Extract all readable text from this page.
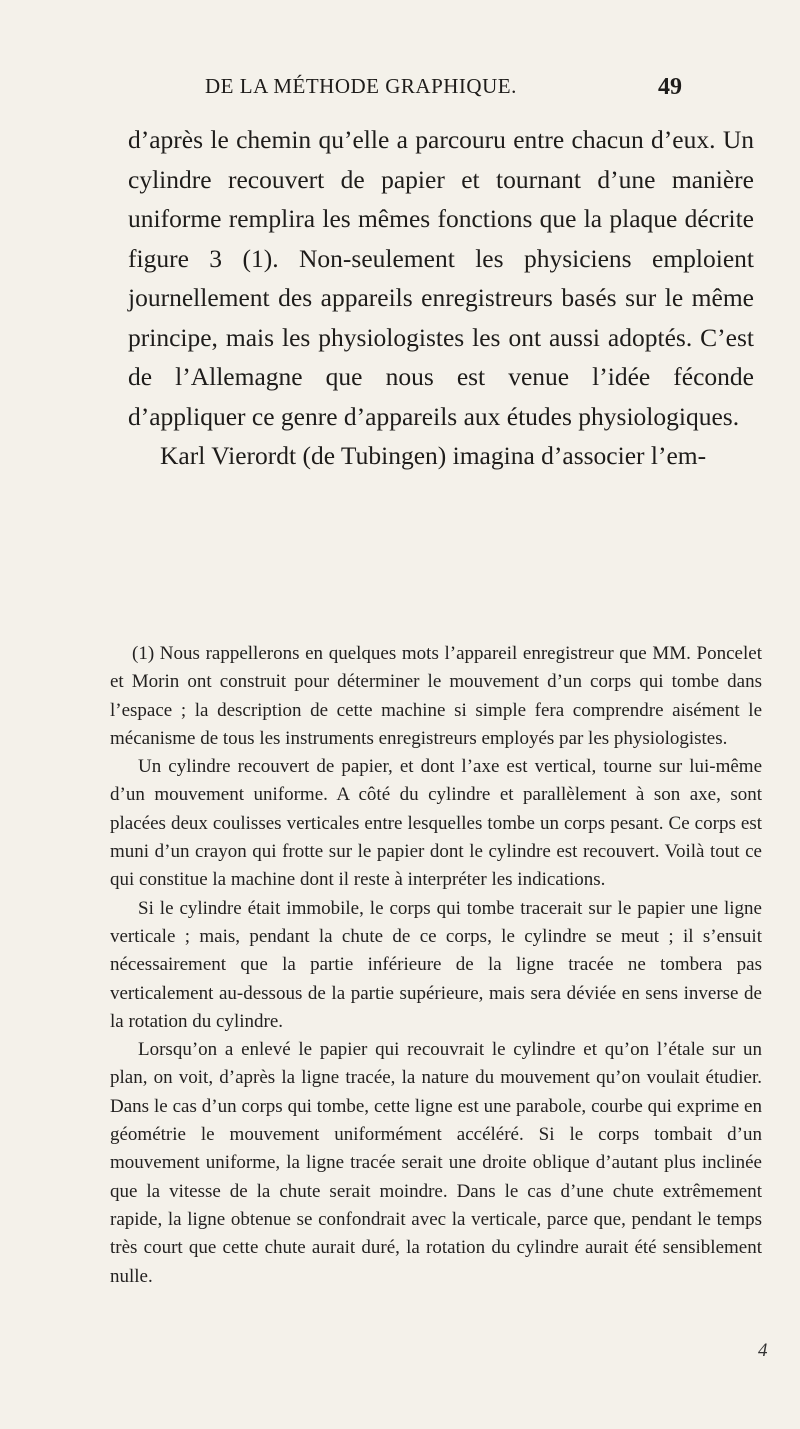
DE LA MÉTHODE GRAPHIQUE.	49

d’après le chemin qu’elle a parcouru entre chacun d’eux. Un cylindre recouvert de papier et tournant d’une manière uniforme remplira les mêmes fonctions que la plaque décrite figure 3 (1). Non-seulement les physiciens emploient journellement des appareils enregistreurs basés sur le même principe, mais les physiologistes les ont aussi adoptés. C’est de l’Allemagne que nous est venue l’idée féconde d’appliquer ce genre d’appareils aux études physiologiques.

Karl Vierordt (de Tubingen) imagina d’associer l’em-

(1) Nous rappellerons en quelques mots l’appareil enregistreur que MM. Poncelet et Morin ont construit pour déterminer le mouvement d’un corps qui tombe dans l’espace ; la description de cette machine si simple fera comprendre aisément le mécanisme de tous les instruments enregistreurs employés par les physiologistes.

Un cylindre recouvert de papier, et dont l’axe est vertical, tourne sur lui-même d’un mouvement uniforme. A côté du cylindre et parallèlement à son axe, sont placées deux coulisses verticales entre lesquelles tombe un corps pesant. Ce corps est muni d’un crayon qui frotte sur le papier dont le cylindre est recouvert. Voilà tout ce qui constitue la machine dont il reste à interpréter les indications.

Si le cylindre était immobile, le corps qui tombe tracerait sur le papier une ligne verticale ; mais, pendant la chute de ce corps, le cylindre se meut ; il s’ensuit nécessairement que la partie inférieure de la ligne tracée ne tombera pas verticalement au-dessous de la partie supérieure, mais sera déviée en sens inverse de la rotation du cylindre.

Lorsqu’on a enlevé le papier qui recouvrait le cylindre et qu’on l’étale sur un plan, on voit, d’après la ligne tracée, la nature du mouvement qu’on voulait étudier. Dans le cas d’un corps qui tombe, cette ligne est une parabole, courbe qui exprime en géométrie le mouvement uniformément accéléré. Si le corps tombait d’un mouvement uniforme, la ligne tracée serait une droite oblique d’autant plus inclinée que la vitesse de la chute serait moindre. Dans le cas d’une chute extrêmement rapide, la ligne obtenue se confondrait avec la verticale, parce que, pendant le temps très court que cette chute aurait duré, la rotation du cylindre aurait été sensiblement nulle.

4
